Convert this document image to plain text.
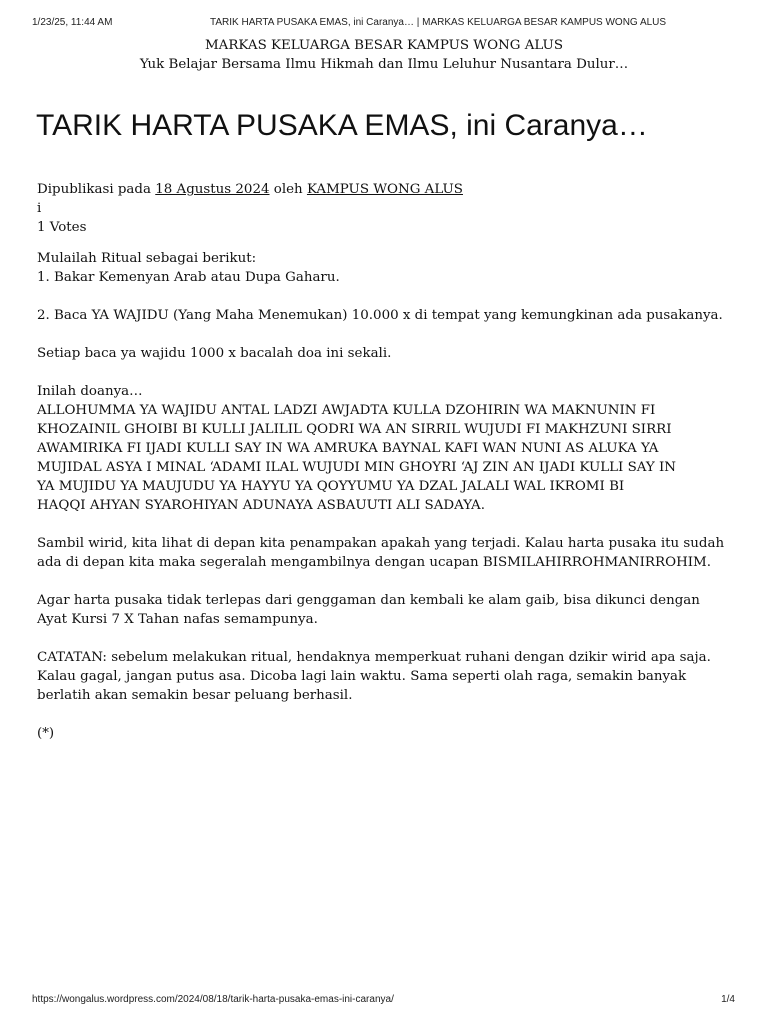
1/23/25, 11:44 AM	TARIK HARTA PUSAKA EMAS, ini Caranya… | MARKAS KELUARGA BESAR KAMPUS WONG ALUS
MARKAS KELUARGA BESAR KAMPUS WONG ALUS
Yuk Belajar Bersama Ilmu Hikmah dan Ilmu Leluhur Nusantara Dulur…
TARIK HARTA PUSAKA EMAS, ini Caranya…
Dipublikasi pada 18 Agustus 2024 oleh KAMPUS WONG ALUS
i
1 Votes

Mulailah Ritual sebagai berikut:
1. Bakar Kemenyan Arab atau Dupa Gaharu.

2. Baca YA WAJIDU (Yang Maha Menemukan) 10.000 x di tempat yang kemungkinan ada pusakanya.

Setiap baca ya wajidu 1000 x bacalah doa ini sekali.

Inilah doanya…
ALLOHUMMA YA WAJIDU ANTAL LADZI AWJADTA KULLA DZOHIRIN WA MAKNUNIN FI
KHOZAINIL GHOIBI BI KULLI JALILIL QODRI WA AN SIRRIL WUJUDI FI MAKHZUNI SIRRI
AWAMIRIKA FI IJADI KULLI SAY IN WA AMRUKA BAYNAL KAFI WAN NUNI AS ALUKA YA
MUJIDAL ASYA I MINAL ‘ADAMI ILAL WUJUDI MIN GHOYRI ‘AJ ZIN AN IJADI KULLI SAY IN
YA MUJIDU YA MAUJUDU YA HAYYU YA QOYYUMU YA DZAL JALALI WAL IKROMI BI
HAQQI AHYAN SYAROHIYAN ADUNAYA ASBAUUTI ALI SADAYA.

Sambil wirid, kita lihat di depan kita penampakan apakah yang terjadi. Kalau harta pusaka itu sudah
ada di depan kita maka segeralah mengambilnya dengan ucapan BISMILAHIRROHMANIRROHIM.

Agar harta pusaka tidak terlepas dari genggaman dan kembali ke alam gaib, bisa dikunci dengan
Ayat Kursi 7 X Tahan nafas semampunya.

CATATAN: sebelum melakukan ritual, hendaknya memperkuat ruhani dengan dzikir wirid apa saja.
Kalau gagal, jangan putus asa. Dicoba lagi lain waktu. Sama seperti olah raga, semakin banyak
berlatih akan semakin besar peluang berhasil.

(*)

https://wongalus.wordpress.com/2024/08/18/tarik-harta-pusaka-emas-ini-caranya/	1/4
